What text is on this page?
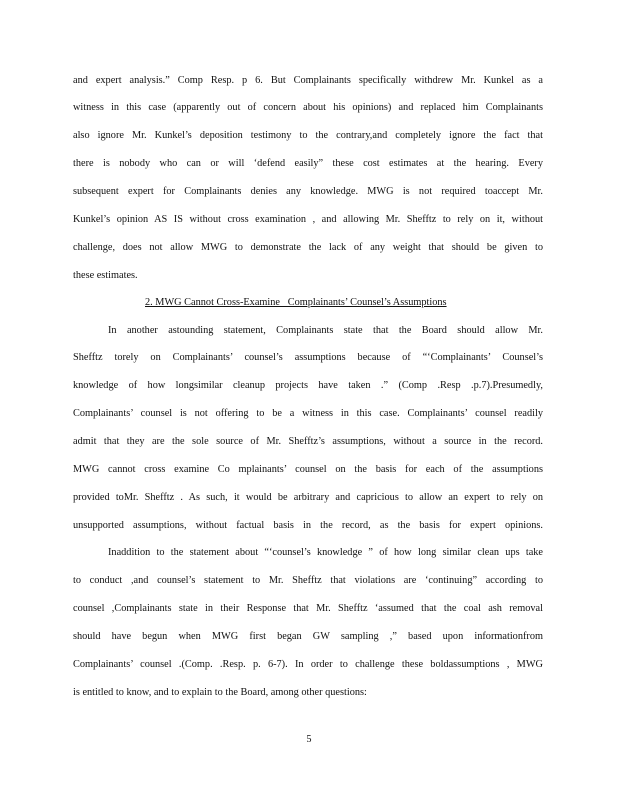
and expert analysis.” Comp Resp. p 6. But Complainants specifically withdrew Mr. Kunkel as a
witness in this case (apparently out of concern about his opinions) and replaced him Complainants
also ignore Mr. Kunkel’s deposition testimony to the contrary,and completely ignore the fact that
there is nobody who can or will ‘defend easily” these cost estimates at the hearing. Every
subsequent expert for Complainants denies any knowledge. MWG is not required toaccept Mr.
Kunkel’s opinion AS IS without cross examination , and allowing Mr. Shefftz to rely on it, without
challenge, does not allow MWG to demonstrate the lack of any weight that should be given to
these estimates.
2. MWG Cannot Cross-Examine   Complainants’ Counsel’s Assumptions
In another astounding statement, Complainants state that the Board should allow Mr.
Shefftz torely on Complainants’ counsel’s assumptions because of “‘Complainants’ Counsel’s
knowledge of how longsimilar cleanup projects have taken .” (Comp .Resp .p.7).Presumedly,
Complainants’ counsel is not offering to be a witness in this case. Complainants’ counsel readily
admit that they are the sole source of Mr. Shefftz’s assumptions, without a source in the record.
MWG cannot cross examine Co mplainants’ counsel on the basis for each of the assumptions
provided toMr. Shefftz . As such, it would be arbitrary and capricious to allow an expert to rely on
unsupported assumptions, without factual basis in the record, as the basis for expert opinions.
Inaddition to the statement about “‘counsel’s knowledge ” of how long similar clean ups take
to conduct ,and counsel’s statement to Mr. Shefftz that violations are ‘continuing” according to
counsel ,Complainants state in their Response that Mr. Shefftz ‘assumed that the coal ash removal
should have begun when MWG first began GW sampling ,” based upon informationfrom
Complainants’ counsel .(Comp. .Resp. p. 6-7). In order to challenge these boldassumptions , MWG
is entitled to know, and to explain to the Board, among other questions:
5
